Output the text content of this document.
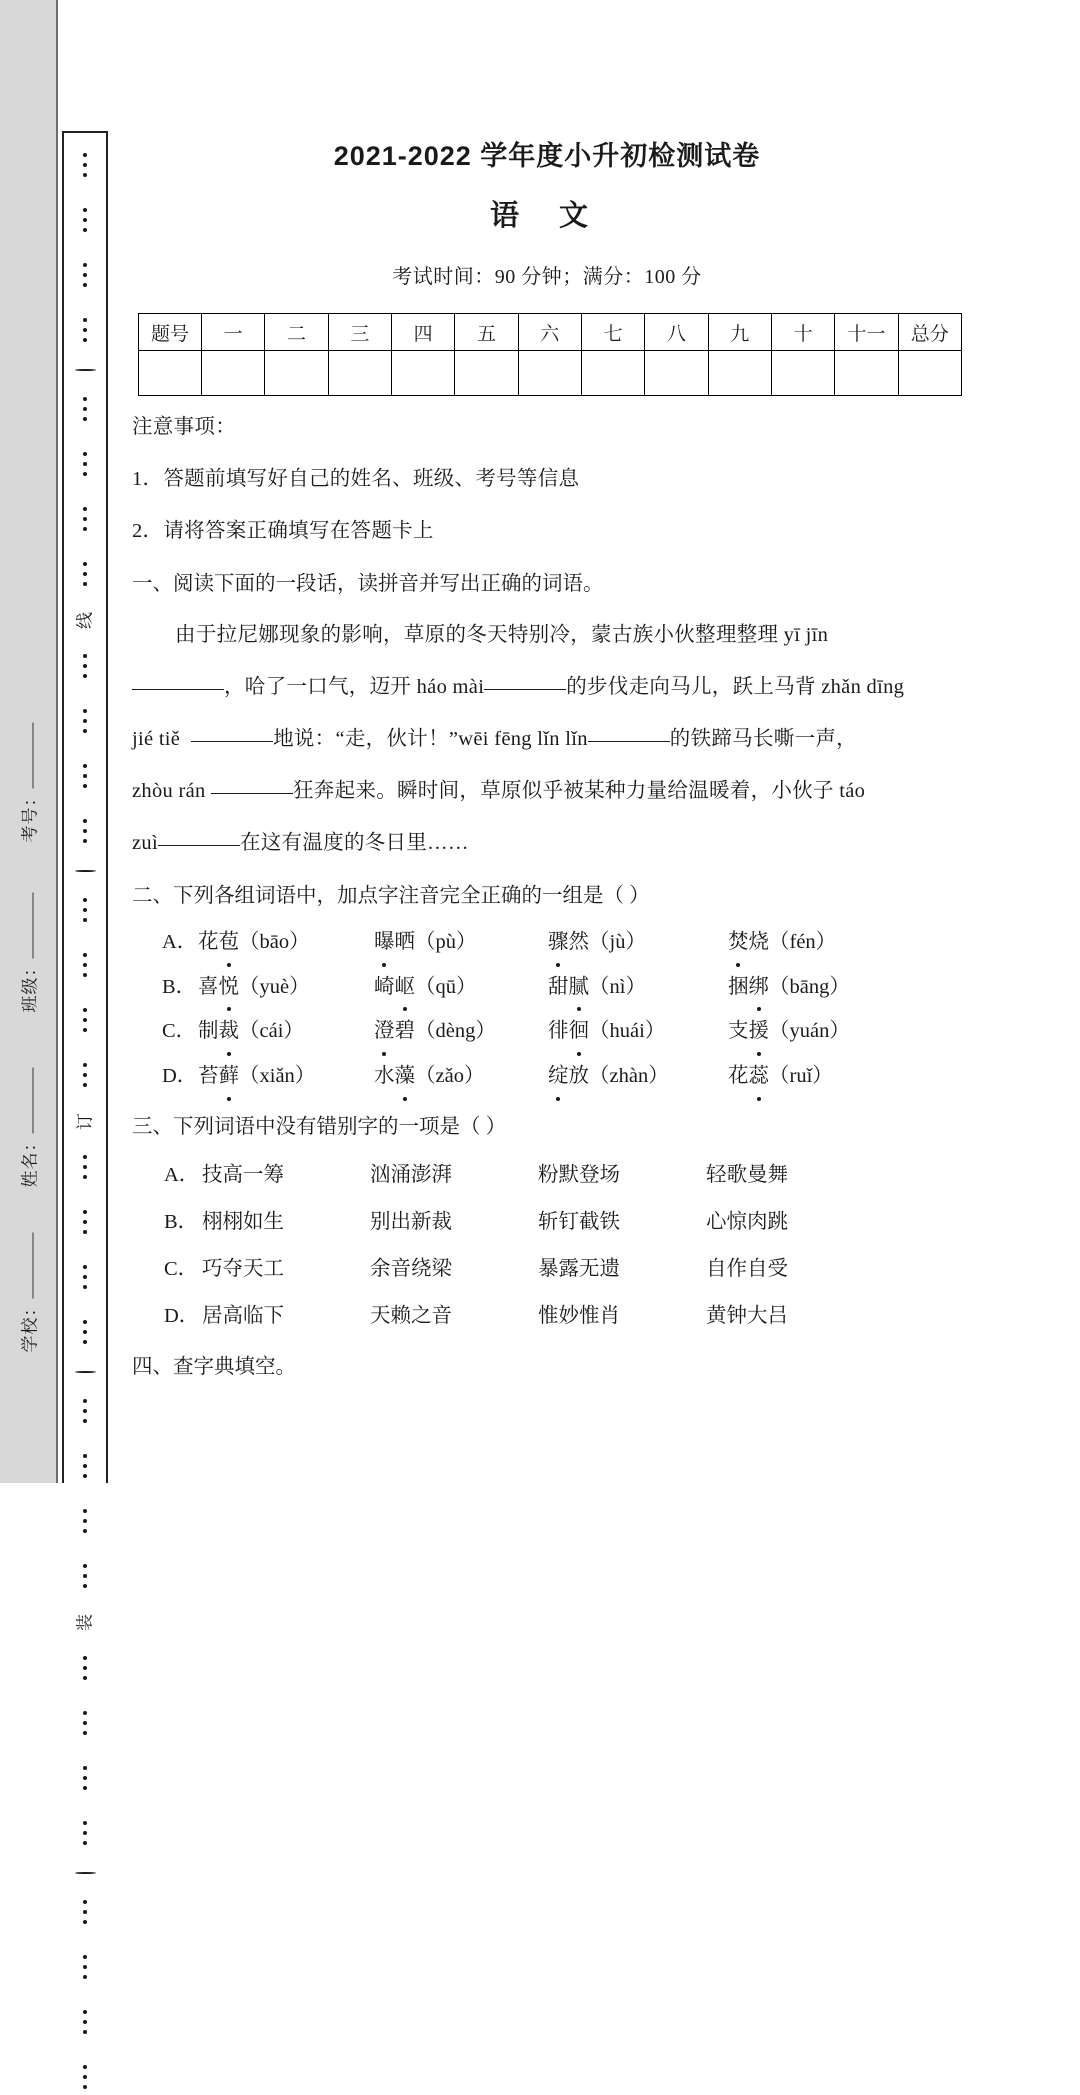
考号：
班级：
姓名：
学校：
线
订
装
2021-2022 学年度小升初检测试卷
语 文
考试时间：90 分钟；满分：100 分
题号	一	二	三	四	五	六	七	八	九	十	十一	总分

注意事项：
1．答题前填写好自己的姓名、班级、考号等信息
2．请将答案正确填写在答题卡上
一、阅读下面的一段话，读拼音并写出正确的词语。
由于拉尼娜现象的影响，草原的冬天特别冷，蒙古族小伙整理整理 yī jīn
，哈了一口气，迈开 háo mài	的步伐走向马儿，跃上马背 zhǎn dīng
jié tiě	地说：“走，伙计！”wēi fēng lǐn lǐn	的铁蹄马长嘶一声，
zhòu rán	狂奔起来。瞬时间，草原似乎被某种力量给温暖着，小伙子 táo
zuì	在这有温度的冬日里……
二、下列各组词语中，加点字注音完全正确的一组是（ ）
A． 花苞（bāo）	曝晒（pù）	骤然（jù）	焚烧（fén）
B． 喜悦（yuè）	崎岖（qū）	甜腻（nì）	捆绑（bāng）
C． 制裁（cái）	澄碧（dèng）	徘徊（huái）	支援（yuán）
D． 苔藓（xiǎn）	水藻（zǎo）	绽放（zhàn）	花蕊（ruǐ）
三、下列词语中没有错别字的一项是（ ）
A． 技高一筹	汹涌澎湃	粉默登场	轻歌曼舞
B． 栩栩如生	别出新裁	斩钉截铁	心惊肉跳
C． 巧夺天工	余音绕梁	暴露无遗	自作自受
D． 居高临下	天赖之音	惟妙惟肖	黄钟大吕
四、查字典填空。
